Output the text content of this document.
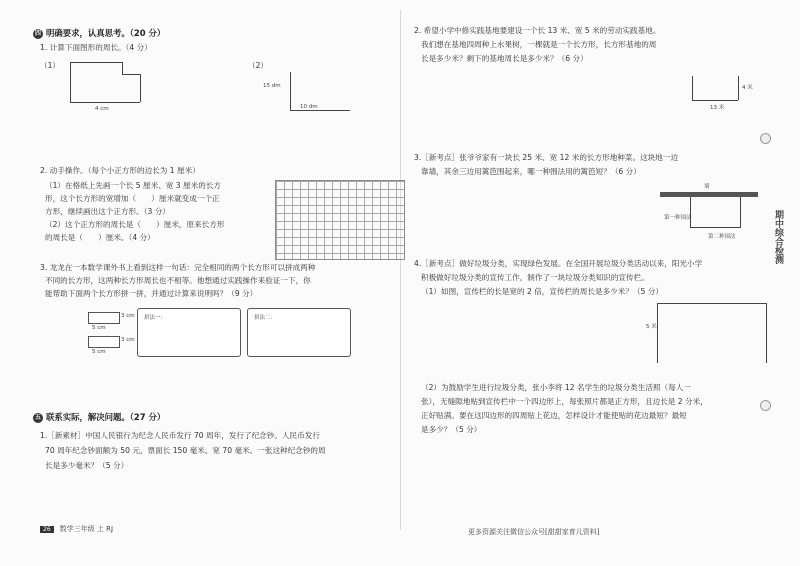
四 明确要求，认真思考。（20 分）
1. 计算下面图形的周长。（4 分）
（1）	（2）
4 cm
15 dm
10 dm
2. 动手操作。（每个小正方形的边长为 1 厘米）
（1）在格纸上先画一个长 5 厘米、宽 3 厘米的长方
形，这个长方形的宽增加（　　）厘米就变成一个正
方形，继续画出这个正方形。（3 分）
（2）这个正方形的周长是（　　）厘米，原来长方形
的周长是（　　）厘米。（4 分）
3. 龙龙在一本数学课外书上看到这样一句话：完全相同的两个长方形可以拼成两种
不同的长方形，这两种长方形周长也不相等。他想通过实践操作来验证一下，你
能帮助下面两个长方形拼一拼，并通过计算来说明吗？（9 分）
3 cm
5 cm
3 cm
5 cm
拼法一：	拼法二：
五 联系实际，解决问题。（27 分）
1.［新素材］中国人民银行为纪念人民币发行 70 周年，发行了纪念钞。人民币发行
70 周年纪念钞面额为 50 元，票面长 150 毫米、宽 70 毫米。一张这种纪念钞的周
长是多少毫米？（5 分）
26 数学三年级 上 RJ
2. 希望小学中修实践基地要建设一个长 13 米、宽 5 米的劳动实践基地。
我们想在基地四周种上水果树，一棵就是一个长方形，长方形基地的周
长是多少米？剩下的基地周长是多少米？（6 分）
4 米
13 米
3.［新考点］张爷爷家有一块长 25 米、宽 12 米的长方形地种菜。这块地一边
靠墙，其余三边用篱笆围起来，哪一种围法用的篱笆短？（6 分）
墙
第一种围法
第二种围法
4.［新考点］做好垃圾分类，实现绿色发展。在全国开展垃圾分类活动以来，阳光小学
积极做好垃圾分类的宣传工作，制作了一块垃圾分类知识的宣传栏。
（1）如图，宣传栏的长是宽的 2 倍，宣传栏的周长是多少米？（5 分）
5 米
（2）为鼓励学生进行垃圾分类，张小李将 12 名学生的垃圾分类生活照（每人一
张），无缝隙地贴到宣传栏中一个四边形上，每张照片都是正方形，且边长是 2 分米，
正好贴满。要在这四边形的四周贴上花边，怎样设计才能使贴的花边最短？最短
是多少？（5 分）
更多资源关注微信公众号[甜甜家育儿资料]
期中综合检测
